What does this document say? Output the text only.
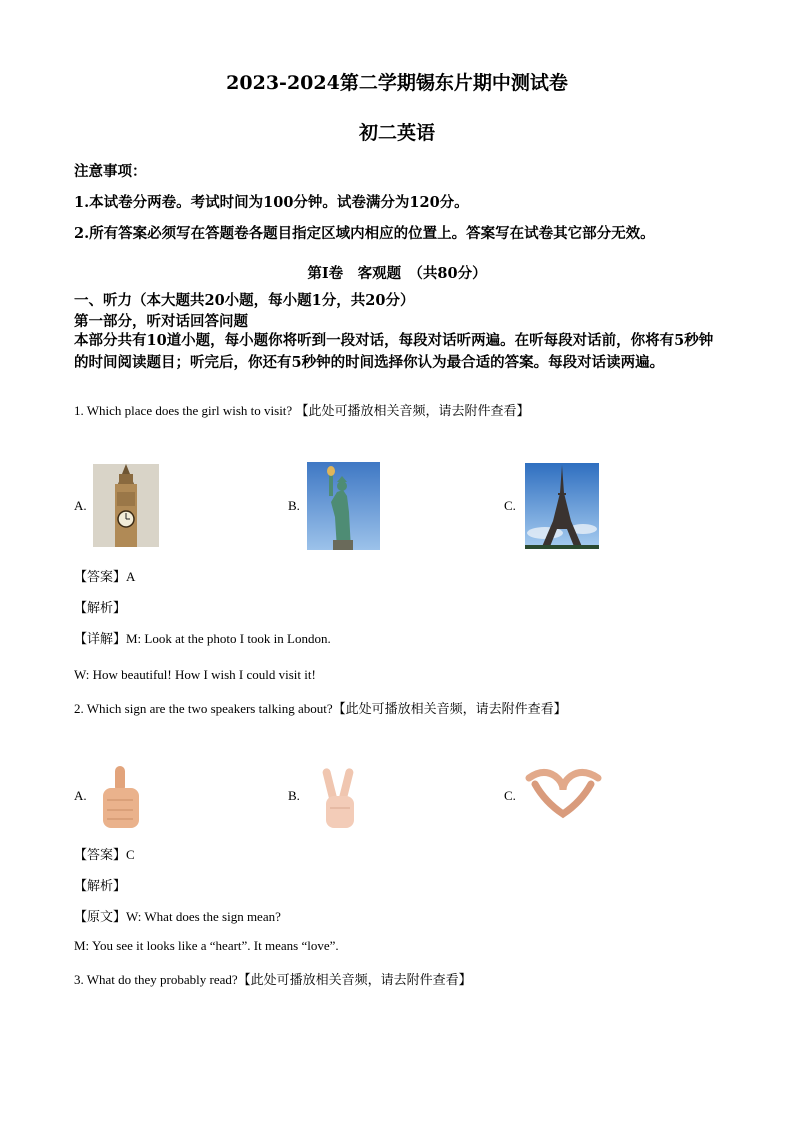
2023-2024第二学期锡东片期中测试卷
初二英语
注意事项：
1.本试卷分两卷。考试时间为100分钟。试卷满分为120分。
2.所有答案必须写在答题卷各题目指定区域内相应的位置上。答案写在试卷其它部分无效。
第Ⅰ卷　客观题　（共80分）
一、听力（本大题共20小题，每小题1分，共20分）
第一部分，听对话回答问题
本部分共有10道小题，每小题你将听到一段对话，每段对话听两遍。在听每段对话前，你将有5秒钟的时间阅读题目；听完后，你还有5秒钟的时间选择你认为最合适的答案。每段对话读两遍。
1. Which place does the girl wish to visit? 【此处可播放相关音频，请去附件查看】
A.	B.	C.
【答案】A
【解析】
【详解】M: Look at the photo I took in London.
W: How beautiful! How I wish I could visit it!
2. Which sign are the two speakers talking about?【此处可播放相关音频，请去附件查看】
A.	B.	C.
【答案】C
【解析】
【原文】W: What does the sign mean?
M: You see it looks like a “heart”. It means “love”.
3. What do they probably read?【此处可播放相关音频，请去附件查看】
